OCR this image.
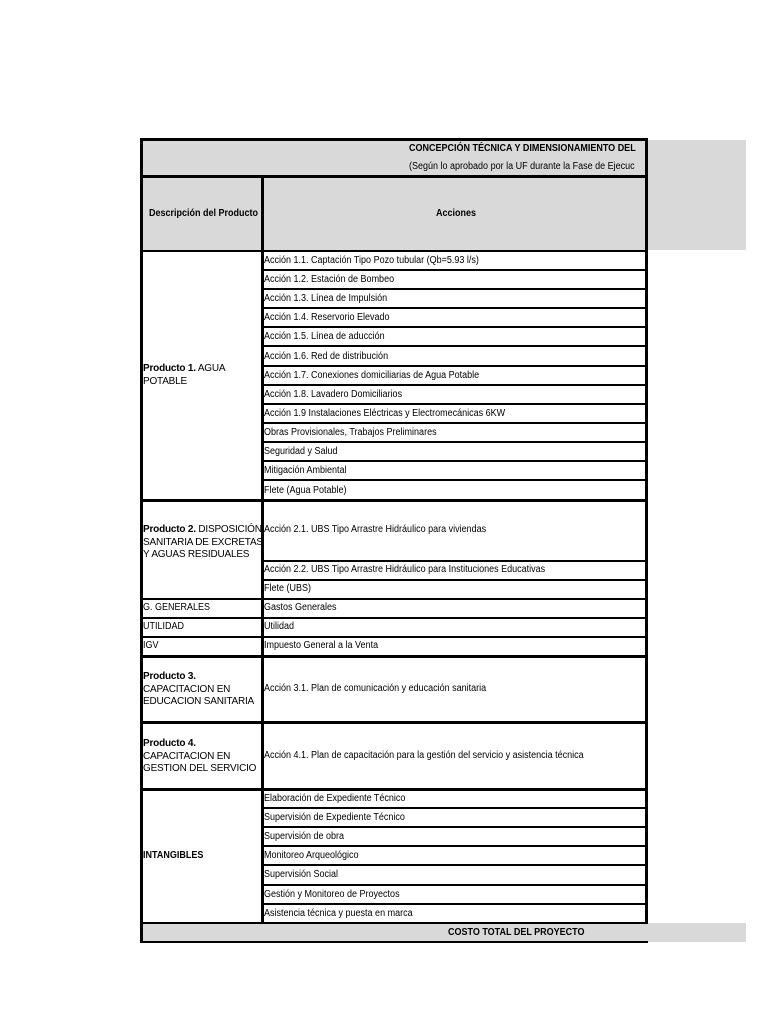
CONCEPCIÓN TÉCNICA Y DIMENSIONAMIENTO DEL
(Según lo aprobado por la UF durante la Fase de Ejecuc
Descripción del Producto	Acciones
Producto 1. AGUA POTABLE
Producto 2. DISPOSICIÓN SANITARIA DE EXCRETAS Y AGUAS RESIDUALES
G. GENERALES
UTILIDAD
IGV
Producto 3.
CAPACITACION EN EDUCACION SANITARIA
Producto 4.
CAPACITACION EN GESTION DEL SERVICIO
INTANGIBLES
Acción 1.1. Captación Tipo Pozo tubular (Qb=5.93 l/s)
Acción 1.2. Estación de Bombeo
Acción 1.3. Línea de Impulsión
Acción 1.4. Reservorio Elevado
Acción 1.5. Línea de aducción
Acción 1.6. Red de distribución
Acción 1.7. Conexiones domiciliarias de Agua Potable
Acción 1.8. Lavadero Domiciliarios
Acción 1.9 Instalaciones Eléctricas y Electromecánicas 6KW
Obras Provisionales, Trabajos Preliminares
Seguridad y Salud
Mitigación Ambiental
Flete (Agua Potable)
Acción 2.1. UBS Tipo Arrastre Hidráulico para viviendas
Acción 2.2. UBS Tipo Arrastre Hidráulico para Instituciones Educativas
Flete (UBS)
Gastos Generales
Utilidad
Impuesto General a la Venta
Acción 3.1. Plan de comunicación y educación sanitaria
Acción 4.1. Plan de capacitación para la gestión del servicio y asistencia técnica
Elaboración de Expediente Técnico
Supervisión de Expediente Técnico
Supervisión de obra
Monitoreo Arqueológico
Supervisión Social
Gestión y Monitoreo de Proyectos
Asistencia técnica y puesta en marca
COSTO TOTAL DEL PROYECTO
